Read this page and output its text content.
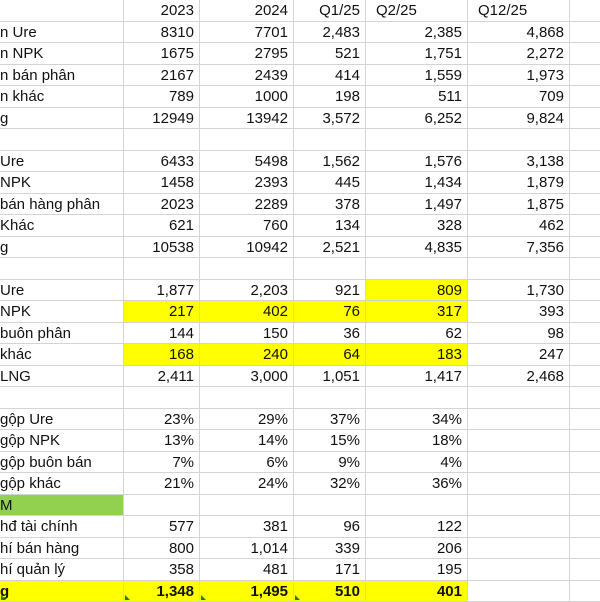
2023	2024	Q1/25	Q2/25	Q12/25
n Ure	8310	7701	2,483	2,385	4,868
n NPK	1675	2795	521	1,751	2,272
n bán phân	2167	2439	414	1,559	1,973
n khác	789	1000	198	511	709
g	12949	13942	3,572	6,252	9,824
Ure	6433	5498	1,562	1,576	3,138
NPK	1458	2393	445	1,434	1,879
bán hàng phân	2023	2289	378	1,497	1,875
Khác	621	760	134	328	462
g	10538	10942	2,521	4,835	7,356
Ure	1,877	2,203	921	809	1,730
NPK	217	402	76	317	393
buôn phân	144	150	36	62	98
khác	168	240	64	183	247
LNG	2,411	3,000	1,051	1,417	2,468
gộp Ure	23%	29%	37%	34%
gộp NPK	13%	14%	15%	18%
gộp buôn bán	7%	6%	9%	4%
gộp khác	21%	24%	32%	36%
M
hđ tài chính	577	381	96	122
hí bán hàng	800	1,014	339	206
hí quản lý	358	481	171	195
g	1,348	1,495	510	401
